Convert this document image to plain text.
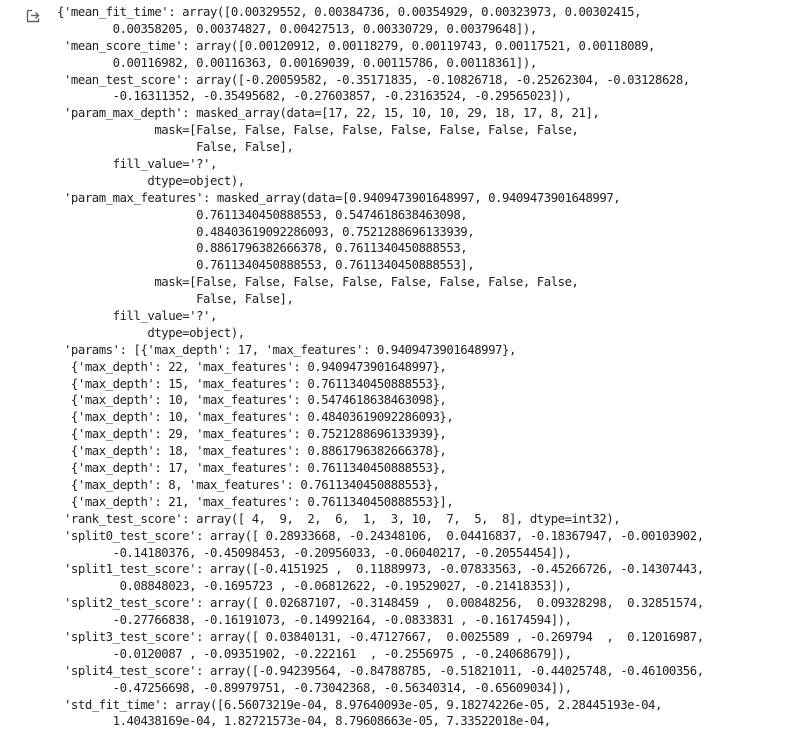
{'mean_fit_time': array([0.00329552, 0.00384736, 0.00354929, 0.00323973, 0.00302415,
0.00358205, 0.00374827, 0.00427513, 0.00330729, 0.00379648]),
'mean_score_time': array([0.00120912, 0.00118279, 0.00119743, 0.00117521, 0.00118089,
0.00116982, 0.00116363, 0.00169039, 0.00115786, 0.00118361]),
'mean_test_score': array([-0.20059582, -0.35171835, -0.10826718, -0.25262304, -0.03128628,
-0.16311352, -0.35495682, -0.27603857, -0.23163524, -0.29565023]),
'param_max_depth': masked_array(data=[17, 22, 15, 10, 10, 29, 18, 17, 8, 21],
mask=[False, False, False, False, False, False, False, False,
False, False],
fill_value='?',
dtype=object),
'param_max_features': masked_array(data=[0.9409473901648997, 0.9409473901648997,
0.7611340450888553, 0.5474618638463098,
0.48403619092286093, 0.7521288696133939,
0.8861796382666378, 0.7611340450888553,
0.7611340450888553, 0.7611340450888553],
mask=[False, False, False, False, False, False, False, False,
False, False],
fill_value='?',
dtype=object),
'params': [{'max_depth': 17, 'max_features': 0.9409473901648997},
{'max_depth': 22, 'max_features': 0.9409473901648997},
{'max_depth': 15, 'max_features': 0.7611340450888553},
{'max_depth': 10, 'max_features': 0.5474618638463098},
{'max_depth': 10, 'max_features': 0.48403619092286093},
{'max_depth': 29, 'max_features': 0.7521288696133939},
{'max_depth': 18, 'max_features': 0.8861796382666378},
{'max_depth': 17, 'max_features': 0.7611340450888553},
{'max_depth': 8, 'max_features': 0.7611340450888553},
{'max_depth': 21, 'max_features': 0.7611340450888553}],
'rank_test_score': array([ 4,  9,  2,  6,  1,  3, 10,  7,  5,  8], dtype=int32),
'split0_test_score': array([ 0.28933668, -0.24348106,  0.04416837, -0.18367947, -0.00103902,
-0.14180376, -0.45098453, -0.20956033, -0.06040217, -0.20554454]),
'split1_test_score': array([-0.4151925 ,  0.11889973, -0.07833563, -0.45266726, -0.14307443,
0.08848023, -0.1695723 , -0.06812622, -0.19529027, -0.21418353]),
'split2_test_score': array([ 0.02687107, -0.3148459 ,  0.00848256,  0.09328298,  0.32851574,
-0.27766838, -0.16191073, -0.14992164, -0.0833831 , -0.16174594]),
'split3_test_score': array([ 0.03840131, -0.47127667,  0.0025589 , -0.269794  ,  0.12016987,
-0.0120087 , -0.09351902, -0.222161  , -0.2556975 , -0.24068679]),
'split4_test_score': array([-0.94239564, -0.84788785, -0.51821011, -0.44025748, -0.46100356,
-0.47256698, -0.89979751, -0.73042368, -0.56340314, -0.65609034]),
'std_fit_time': array([6.56073219e-04, 8.97640093e-05, 9.18274226e-05, 2.28445193e-04,
1.40438169e-04, 1.82721573e-04, 8.79608663e-05, 7.33522018e-04,
